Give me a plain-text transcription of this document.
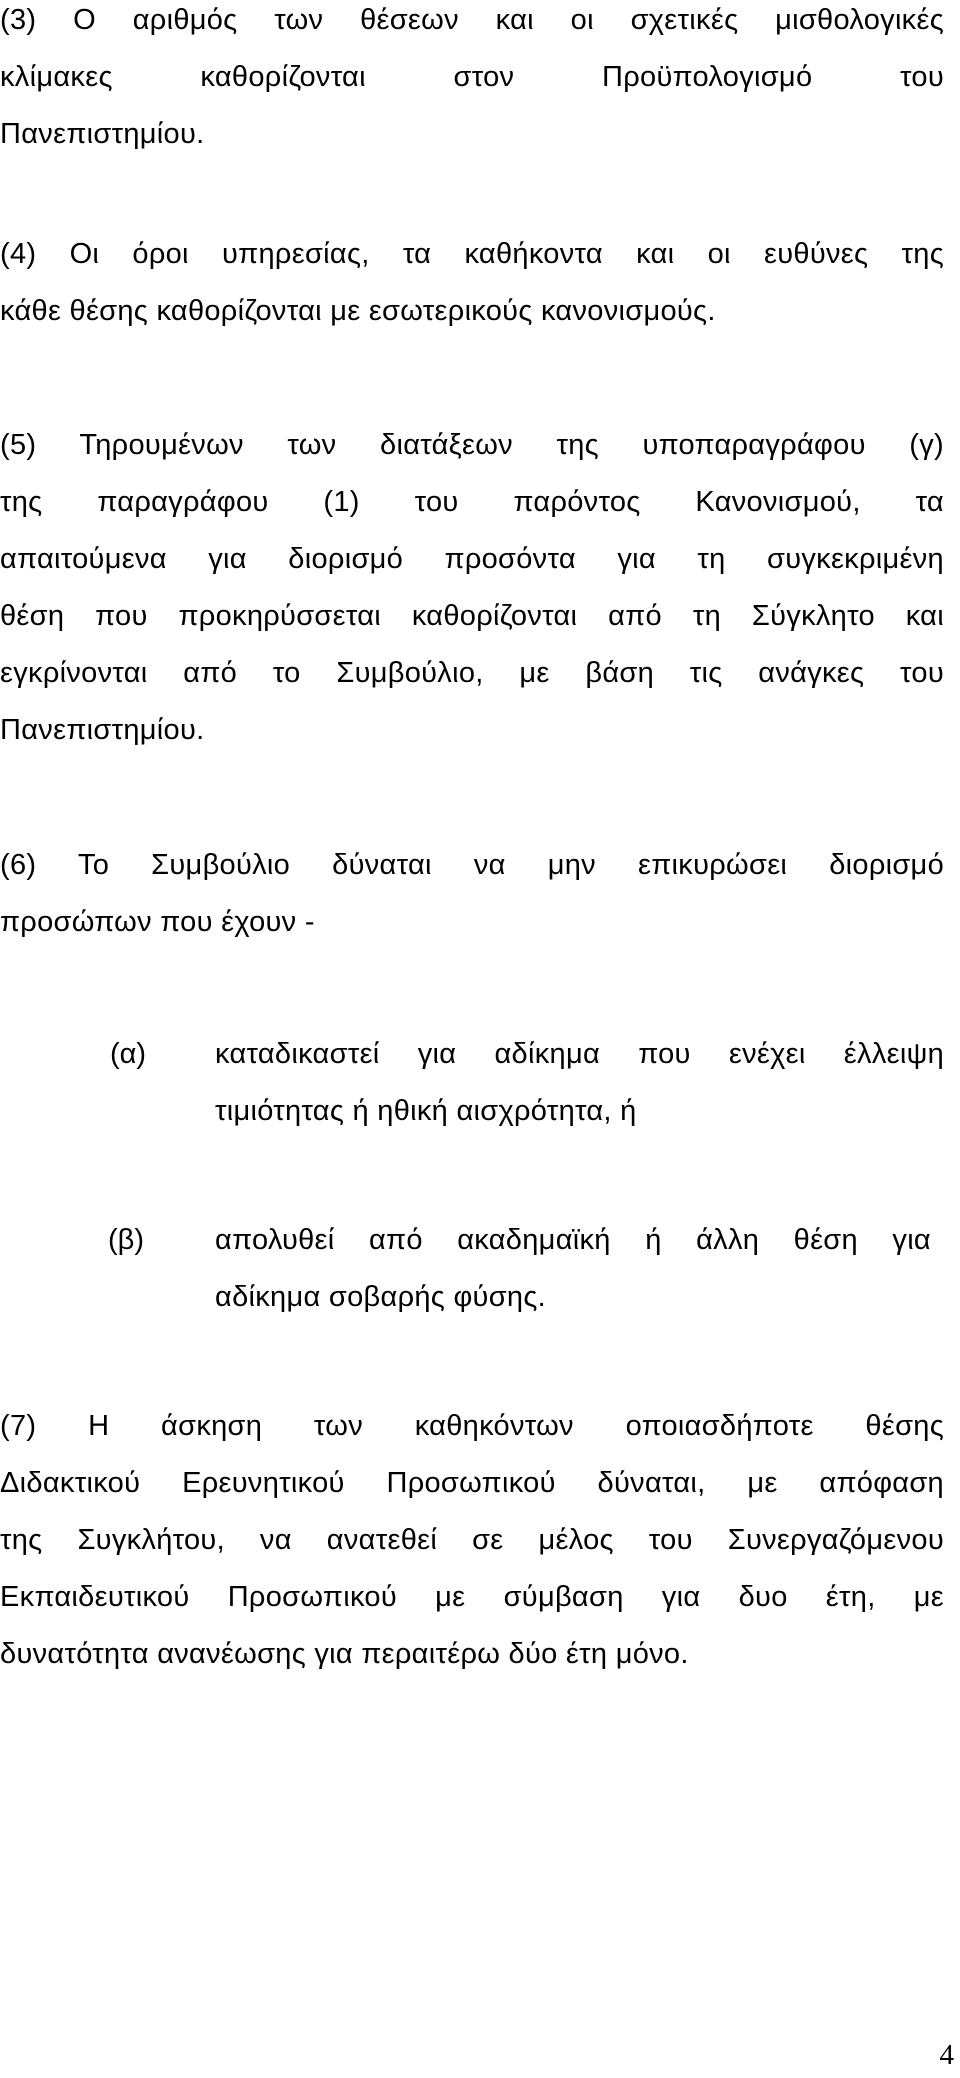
(3) Ο αριθμός των θέσεων και οι σχετικές μισθολογικές
κλίμακες καθορίζονται στον Προϋπολογισμό του
Πανεπιστημίου.
(4) Οι όροι υπηρεσίας, τα καθήκοντα και οι ευθύνες της
κάθε θέσης καθορίζονται με εσωτερικούς κανονισμούς.
(5) Τηρουμένων των διατάξεων της υποπαραγράφου (γ)
της παραγράφου (1) του παρόντος Κανονισμού, τα
απαιτούμενα για διορισμό προσόντα για τη συγκεκριμένη
θέση που προκηρύσσεται καθορίζονται από τη Σύγκλητο και
εγκρίνονται από το Συμβούλιο, με βάση τις ανάγκες του
Πανεπιστημίου.
(6) Το Συμβούλιο δύναται να μην επικυρώσει διορισμό
προσώπων που έχουν -
(α) καταδικαστεί για αδίκημα που ενέχει έλλειψη
τιμιότητας ή ηθική αισχρότητα, ή
(β) απολυθεί από ακαδημαϊκή ή άλλη θέση για
αδίκημα σοβαρής φύσης.
(7) Η άσκηση των καθηκόντων οποιασδήποτε θέσης
Διδακτικού Ερευνητικού Προσωπικού δύναται, με απόφαση
της Συγκλήτου, να ανατεθεί σε μέλος του Συνεργαζόμενου
Εκπαιδευτικού Προσωπικού με σύμβαση για δυο έτη, με
δυνατότητα ανανέωσης για περαιτέρω δύο έτη μόνο.
4
